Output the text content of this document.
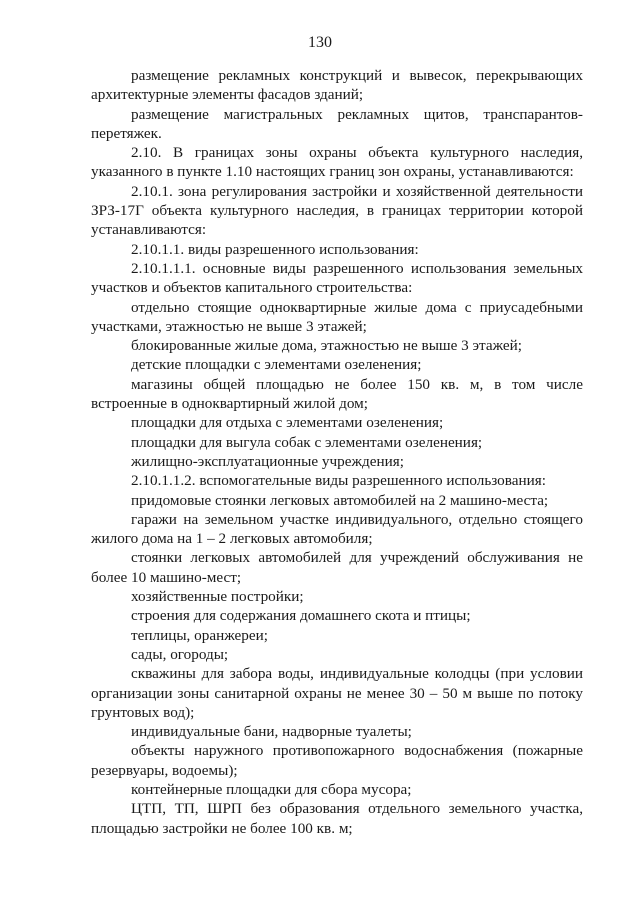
130

размещение рекламных конструкций и вывесок, перекрывающих архитектурные элементы фасадов зданий;

размещение магистральных рекламных щитов, транспарантов-перетяжек.

2.10. В границах зоны охраны объекта культурного наследия, указанного в пункте 1.10 настоящих границ зон охраны, устанавливаются:

2.10.1. зона регулирования застройки и хозяйственной деятельности ЗРЗ-17Г объекта культурного наследия, в границах территории которой устанавливаются:

2.10.1.1. виды разрешенного использования:

2.10.1.1.1. основные виды разрешенного использования земельных участков и объектов капитального строительства:

отдельно стоящие одноквартирные жилые дома с приусадебными участками, этажностью не выше 3 этажей;

блокированные жилые дома, этажностью не выше 3 этажей;

детские площадки с элементами озеленения;

магазины общей площадью не более 150 кв. м, в том числе встроенные в одноквартирный жилой дом;

площадки для отдыха с элементами озеленения;

площадки для выгула собак с элементами озеленения;

жилищно-эксплуатационные учреждения;

2.10.1.1.2. вспомогательные виды разрешенного использования:

придомовые стоянки легковых автомобилей на 2 машино-места;

гаражи на земельном участке индивидуального, отдельно стоящего жилого дома на 1 – 2 легковых автомобиля;

стоянки легковых автомобилей для учреждений обслуживания не более 10 машино-мест;

хозяйственные постройки;

строения для содержания домашнего скота и птицы;

теплицы, оранжереи;

сады, огороды;

скважины для забора воды, индивидуальные колодцы (при условии организации зоны санитарной охраны не менее 30 – 50 м выше по потоку грунтовых вод);

индивидуальные бани, надворные туалеты;

объекты наружного противопожарного водоснабжения (пожарные резервуары, водоемы);

контейнерные площадки для сбора мусора;

ЦТП, ТП, ШРП без образования отдельного земельного участка, площадью застройки не более 100 кв. м;
